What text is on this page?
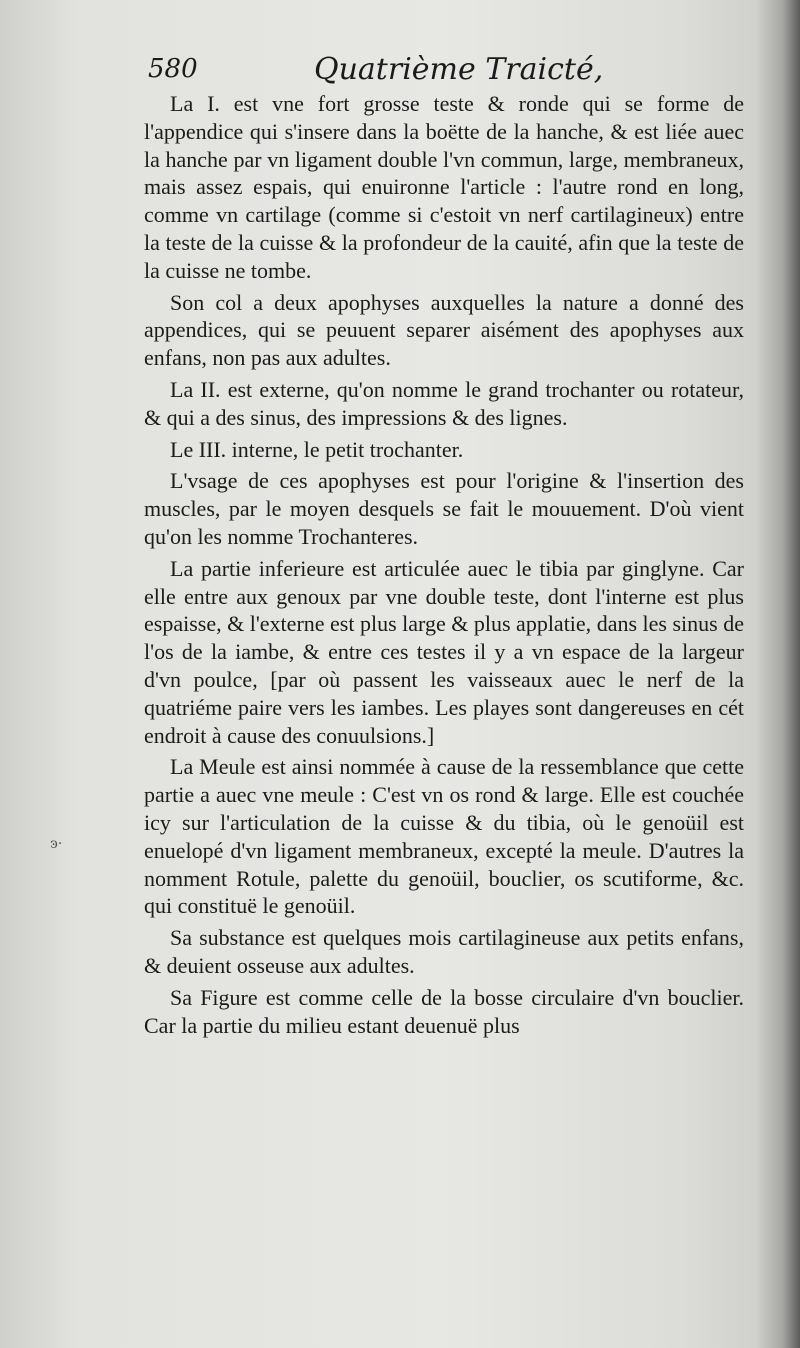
580	Quatrième Traicté,

La I. est vne fort grosse teste & ronde qui se forme de l'appendice qui s'insere dans la boëtte de la hanche, & est liée auec la hanche par vn ligament double l'vn commun, large, membraneux, mais assez espais, qui enuironne l'article : l'autre rond en long, comme vn cartilage (comme si c'estoit vn nerf cartilagineux) entre la teste de la cuisse & la profondeur de la cauité, afin que la teste de la cuisse ne tombe.

Son col a deux apophyses auxquelles la nature a donné des appendices, qui se peuuent separer aisément des apophyses aux enfans, non pas aux adultes.

La II. est externe, qu'on nomme le grand trochanter ou rotateur, & qui a des sinus, des impressions & des lignes.

Le III. interne, le petit trochanter.

L'vsage de ces apophyses est pour l'origine & l'insertion des muscles, par le moyen desquels se fait le mouuement. D'où vient qu'on les nomme Trochanteres.

La partie inferieure est articulée auec le tibia par ginglyne. Car elle entre aux genoux par vne double teste, dont l'interne est plus espaisse, & l'externe est plus large & plus applatie, dans les sinus de l'os de la iambe, & entre ces testes il y a vn espace de la largeur d'vn poulce, [par où passent les vaisseaux auec le nerf de la quatriéme paire vers les iambes. Les playes sont dangereuses en cét endroit à cause des conuulsions.]

La Meule est ainsi nommée à cause de la ressemblance que cette partie a auec vne meule : C'est vn os rond & large. Elle est couchée icy sur l'articulation de la cuisse & du tibia, où le genoüil est enuelopé d'vn ligament membraneux, excepté la meule. D'autres la nomment Rotule, palette du genoüil, bouclier, os scutiforme, &c. qui constituë le genoüil.

Sa substance est quelques mois cartilagineuse aux petits enfans, & deuient osseuse aux adultes.

Sa Figure est comme celle de la bosse circulaire d'vn bouclier. Car la partie du milieu estant deuenuë plus

ͽ·
